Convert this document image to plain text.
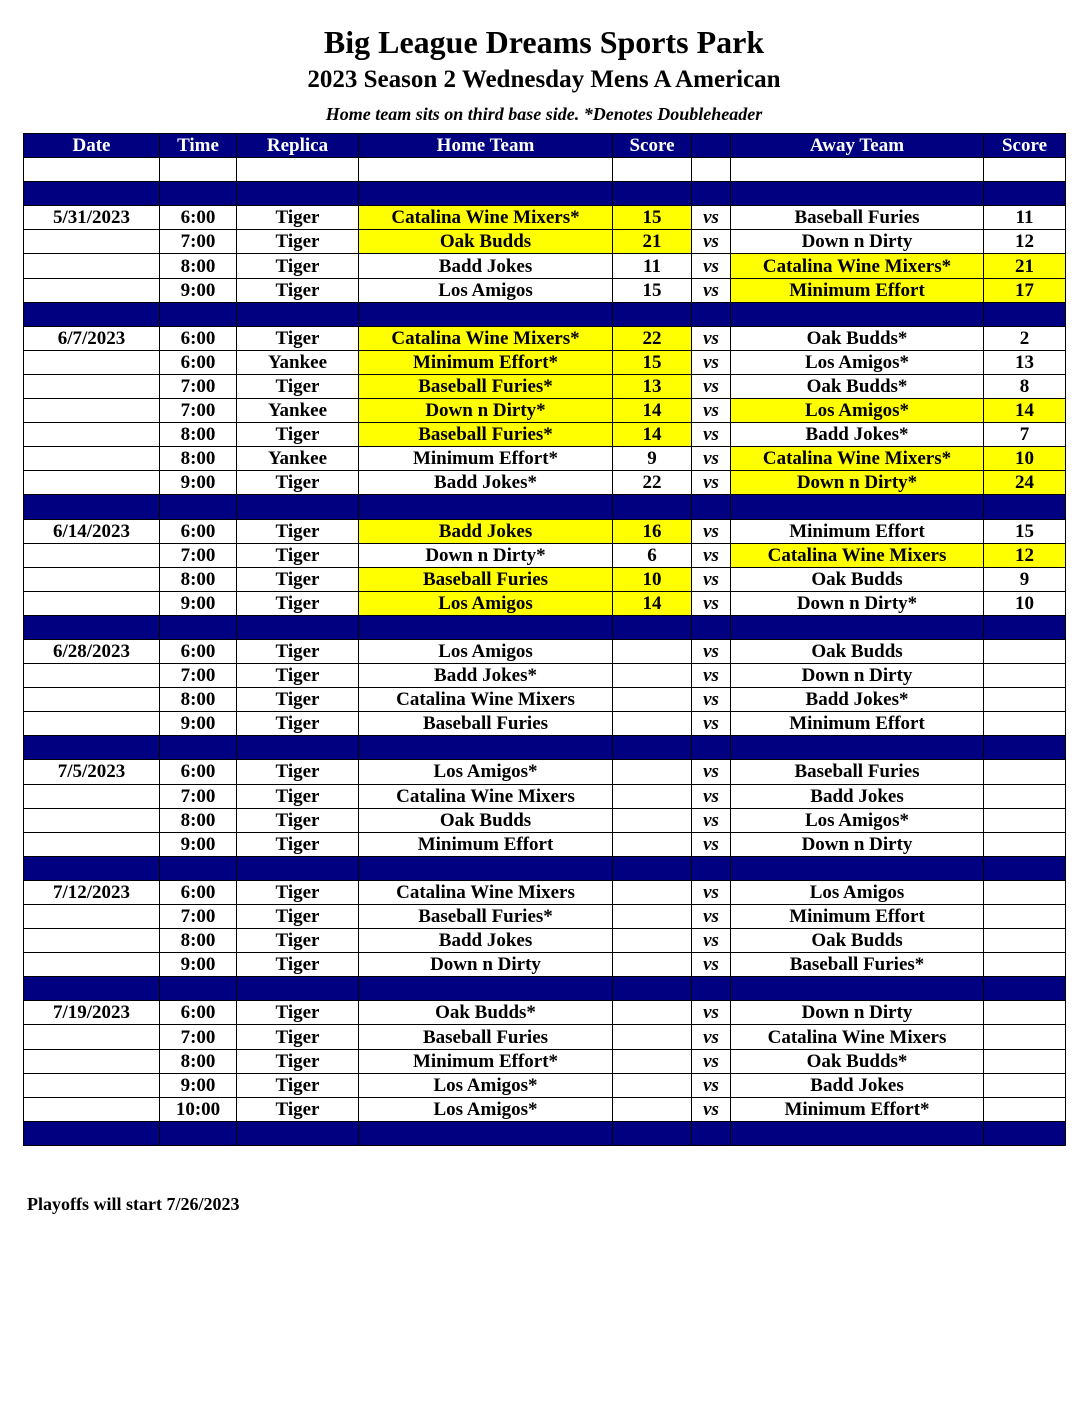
Big League Dreams Sports Park
2023 Season 2 Wednesday Mens A American
Home team sits on third base side. *Denotes Doubleheader
Date	Time	Replica	Home Team	Score		Away Team	Score

5/31/2023	6:00	Tiger	Catalina Wine Mixers*	15	vs	Baseball Furies	11
	7:00	Tiger	Oak Budds	21	vs	Down n Dirty	12
	8:00	Tiger	Badd Jokes	11	vs	Catalina Wine Mixers*	21
	9:00	Tiger	Los Amigos	15	vs	Minimum Effort	17

6/7/2023	6:00	Tiger	Catalina Wine Mixers*	22	vs	Oak Budds*	2
	6:00	Yankee	Minimum Effort*	15	vs	Los Amigos*	13
	7:00	Tiger	Baseball Furies*	13	vs	Oak Budds*	8
	7:00	Yankee	Down n Dirty*	14	vs	Los Amigos*	14
	8:00	Tiger	Baseball Furies*	14	vs	Badd Jokes*	7
	8:00	Yankee	Minimum Effort*	9	vs	Catalina Wine Mixers*	10
	9:00	Tiger	Badd Jokes*	22	vs	Down n Dirty*	24

6/14/2023	6:00	Tiger	Badd Jokes	16	vs	Minimum Effort	15
	7:00	Tiger	Down n Dirty*	6	vs	Catalina Wine Mixers	12
	8:00	Tiger	Baseball Furies	10	vs	Oak Budds	9
	9:00	Tiger	Los Amigos	14	vs	Down n Dirty*	10

6/28/2023	6:00	Tiger	Los Amigos		vs	Oak Budds	
	7:00	Tiger	Badd Jokes*		vs	Down n Dirty	
	8:00	Tiger	Catalina Wine Mixers		vs	Badd Jokes*	
	9:00	Tiger	Baseball Furies		vs	Minimum Effort	

7/5/2023	6:00	Tiger	Los Amigos*		vs	Baseball Furies	
	7:00	Tiger	Catalina Wine Mixers		vs	Badd Jokes	
	8:00	Tiger	Oak Budds		vs	Los Amigos*	
	9:00	Tiger	Minimum Effort		vs	Down n Dirty	

7/12/2023	6:00	Tiger	Catalina Wine Mixers		vs	Los Amigos	
	7:00	Tiger	Baseball Furies*		vs	Minimum Effort	
	8:00	Tiger	Badd Jokes		vs	Oak Budds	
	9:00	Tiger	Down n Dirty		vs	Baseball Furies*	

7/19/2023	6:00	Tiger	Oak Budds*		vs	Down n Dirty	
	7:00	Tiger	Baseball Furies		vs	Catalina Wine Mixers	
	8:00	Tiger	Minimum Effort*		vs	Oak Budds*	
	9:00	Tiger	Los Amigos*		vs	Badd Jokes	
	10:00	Tiger	Los Amigos*		vs	Minimum Effort*	

Playoffs will start 7/26/2023
